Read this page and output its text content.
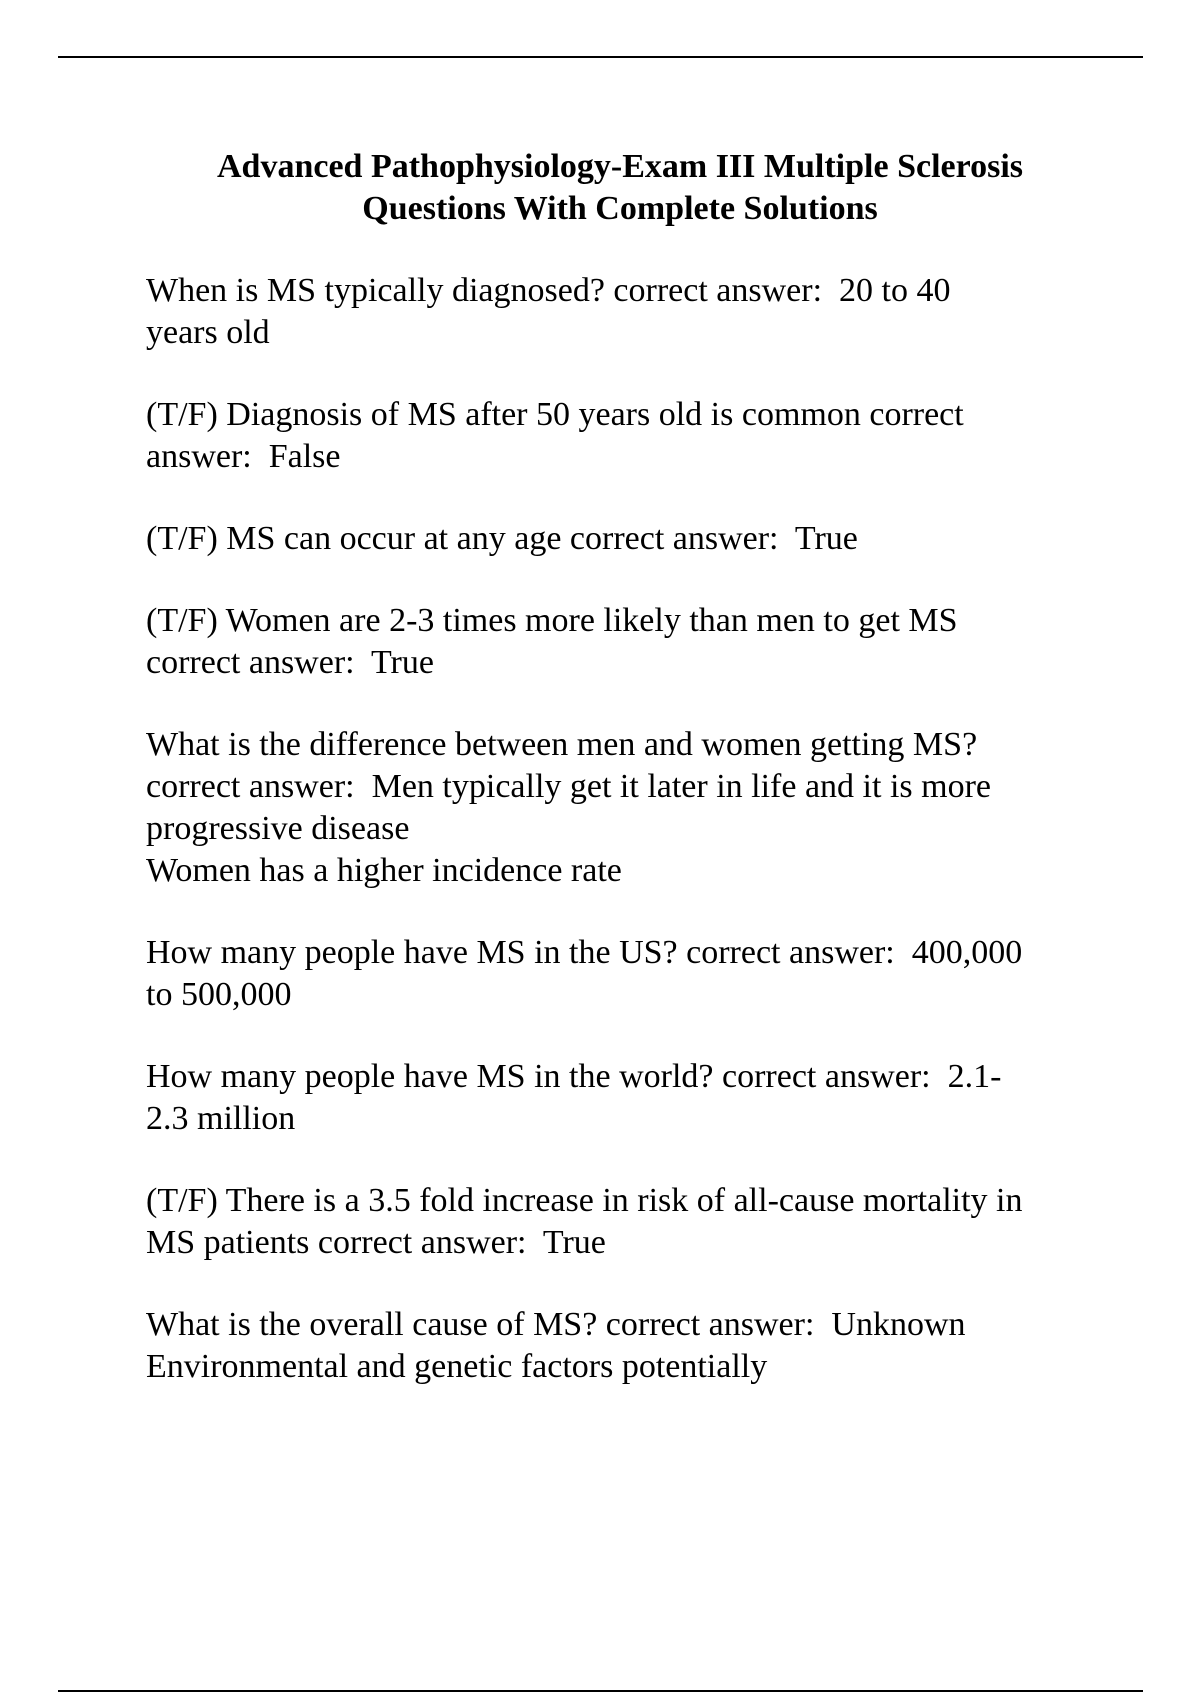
Advanced Pathophysiology-Exam III Multiple Sclerosis
Questions With Complete Solutions
When is MS typically diagnosed? correct answer:  20 to 40
years old
(T/F) Diagnosis of MS after 50 years old is common correct
answer:  False
(T/F) MS can occur at any age correct answer:  True
(T/F) Women are 2-3 times more likely than men to get MS
correct answer:  True
What is the difference between men and women getting MS?
correct answer:  Men typically get it later in life and it is more
progressive disease
Women has a higher incidence rate
How many people have MS in the US? correct answer:  400,000
to 500,000
How many people have MS in the world? correct answer:  2.1-
2.3 million
(T/F) There is a 3.5 fold increase in risk of all-cause mortality in
MS patients correct answer:  True
What is the overall cause of MS? correct answer:  Unknown
Environmental and genetic factors potentially
